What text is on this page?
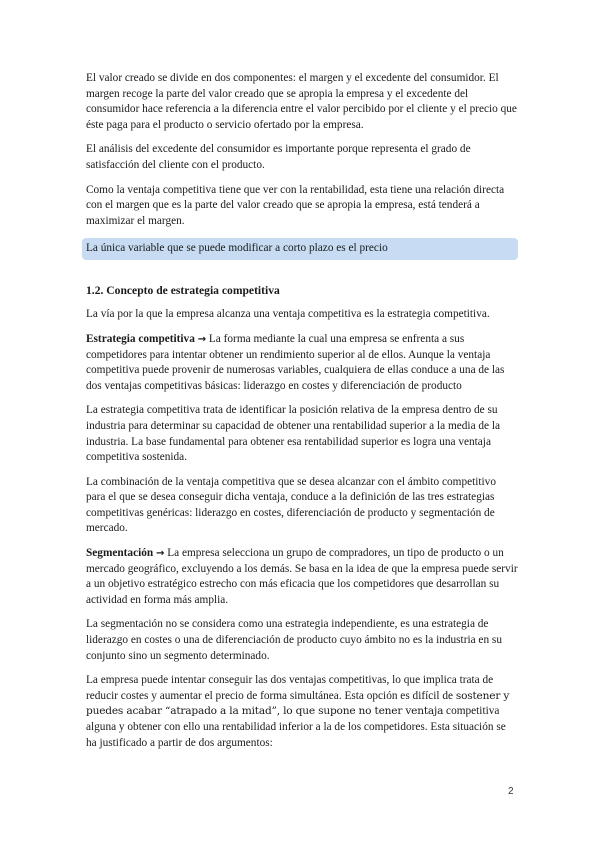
El valor creado se divide en dos componentes: el margen y el excedente del consumidor. El margen recoge la parte del valor creado que se apropia la empresa y el excedente del consumidor hace referencia a la diferencia entre el valor percibido por el cliente y el precio que éste paga para el producto o servicio ofertado por la empresa.

El análisis del excedente del consumidor es importante porque representa el grado de satisfacción del cliente con el producto.

Como la ventaja competitiva tiene que ver con la rentabilidad, esta tiene una relación directa con el margen que es la parte del valor creado que se apropia la empresa, está tenderá a maximizar el margen.

La única variable que se puede modificar a corto plazo es el precio
1.2. Concepto de estrategia competitiva

La vía por la que la empresa alcanza una ventaja competitiva es la estrategia competitiva.

Estrategia competitiva → La forma mediante la cual una empresa se enfrenta a sus competidores para intentar obtener un rendimiento superior al de ellos. Aunque la ventaja competitiva puede provenir de numerosas variables, cualquiera de ellas conduce a una de las dos ventajas competitivas básicas: liderazgo en costes y diferenciación de producto

La estrategia competitiva trata de identificar la posición relativa de la empresa dentro de su industria para determinar su capacidad de obtener una rentabilidad superior a la media de la industria. La base fundamental para obtener esa rentabilidad superior es logra una ventaja competitiva sostenida.

La combinación de la ventaja competitiva que se desea alcanzar con el ámbito competitivo para el que se desea conseguir dicha ventaja, conduce a la definición de las tres estrategias competitivas genéricas: liderazgo en costes, diferenciación de producto y segmentación de mercado.

Segmentación → La empresa selecciona un grupo de compradores, un tipo de producto o un mercado geográfico, excluyendo a los demás. Se basa en la idea de que la empresa puede servir a un objetivo estratégico estrecho con más eficacia que los competidores que desarrollan su actividad en forma más amplia.

La segmentación no se considera como una estrategia independiente, es una estrategia de liderazgo en costes o una de diferenciación de producto cuyo ámbito no es la industria en su conjunto sino un segmento determinado.

La empresa puede intentar conseguir las dos ventajas competitivas, lo que implica trata de reducir costes y aumentar el precio de forma simultánea. Esta opción es difícil de sostener y puedes acabar “atrapado a la mitad”, lo que supone no tener ventaja competitiva alguna y obtener con ello una rentabilidad inferior a la de los competidores. Esta situación se ha justificado a partir de dos argumentos:

2
